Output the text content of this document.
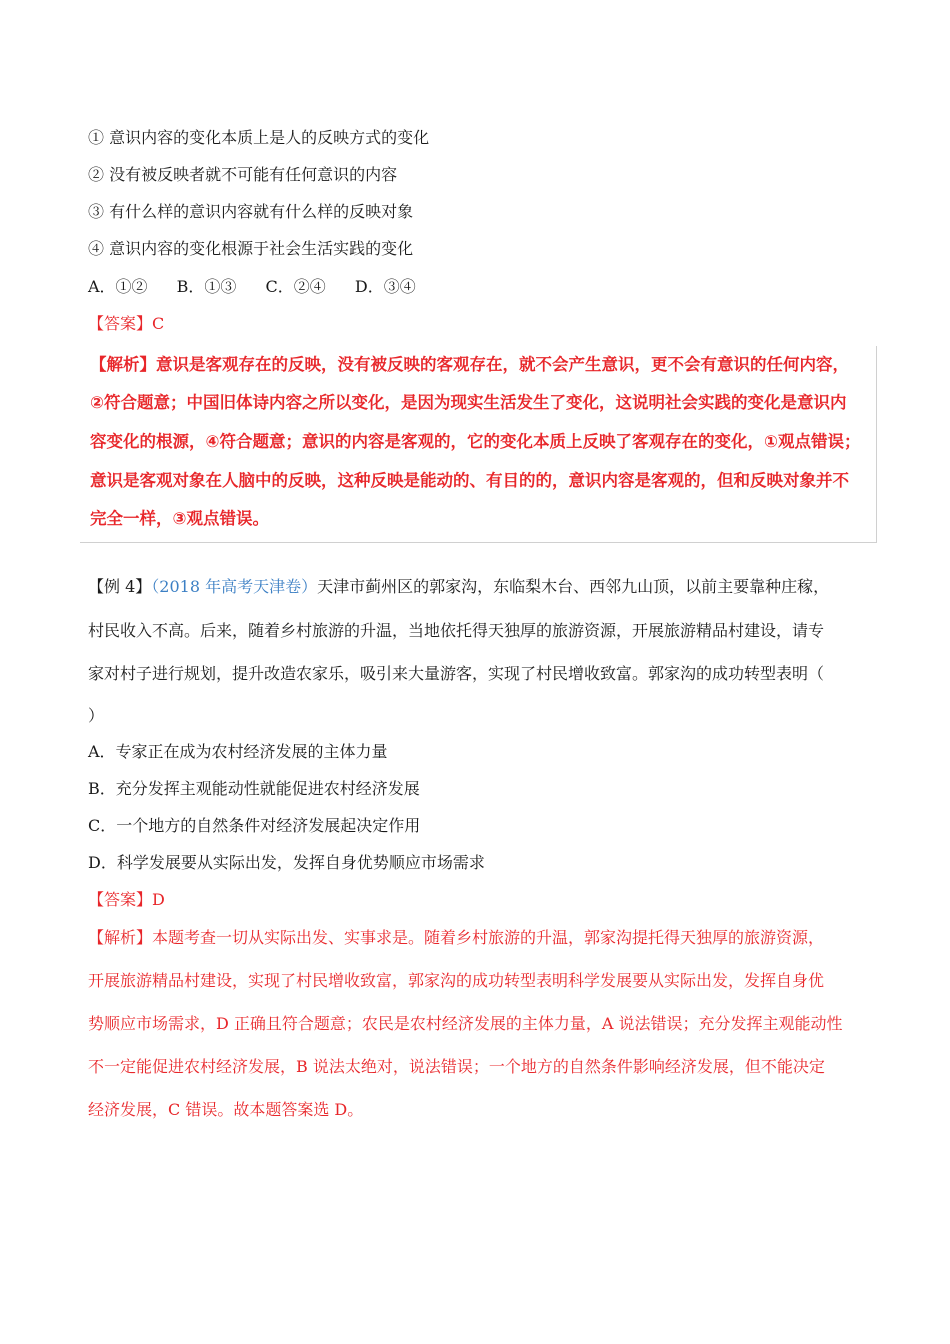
① 意识内容的变化本质上是人的反映方式的变化
② 没有被反映者就不可能有任何意识的内容
③ 有什么样的意识内容就有什么样的反映对象
④ 意识内容的变化根源于社会生活实践的变化
A．①② B．①③ C．②④ D．③④
【答案】C
【解析】意识是客观存在的反映，没有被反映的客观存在，就不会产生意识，更不会有意识的任何内容，
②符合题意；中国旧体诗内容之所以变化，是因为现实生活发生了变化，这说明社会实践的变化是意识内
容变化的根源，④符合题意；意识的内容是客观的，它的变化本质上反映了客观存在的变化，①观点错误；
意识是客观对象在人脑中的反映，这种反映是能动的、有目的的，意识内容是客观的，但和反映对象并不
完全一样，③观点错误。
【例 4】（2018 年高考天津卷）天津市蓟州区的郭家沟，东临梨木台、西邻九山顶，以前主要靠种庄稼，
村民收入不高。后来，随着乡村旅游的升温，当地依托得天独厚的旅游资源，开展旅游精品村建设，请专
家对村子进行规划，提升改造农家乐，吸引来大量游客，实现了村民增收致富。郭家沟的成功转型表明（
）
A．专家正在成为农村经济发展的主体力量
B．充分发挥主观能动性就能促进农村经济发展
C．一个地方的自然条件对经济发展起决定作用
D．科学发展要从实际出发，发挥自身优势顺应市场需求
【答案】D
【解析】本题考查一切从实际出发、实事求是。随着乡村旅游的升温，郭家沟提托得天独厚的旅游资源，
开展旅游精品村建设，实现了村民增收致富，郭家沟的成功转型表明科学发展要从实际出发，发挥自身优
势顺应市场需求，D 正确且符合题意；农民是农村经济发展的主体力量，A 说法错误；充分发挥主观能动性
不一定能促进农村经济发展，B 说法太绝对，说法错误；一个地方的自然条件影响经济发展，但不能决定
经济发展，C 错误。故本题答案选 D。
